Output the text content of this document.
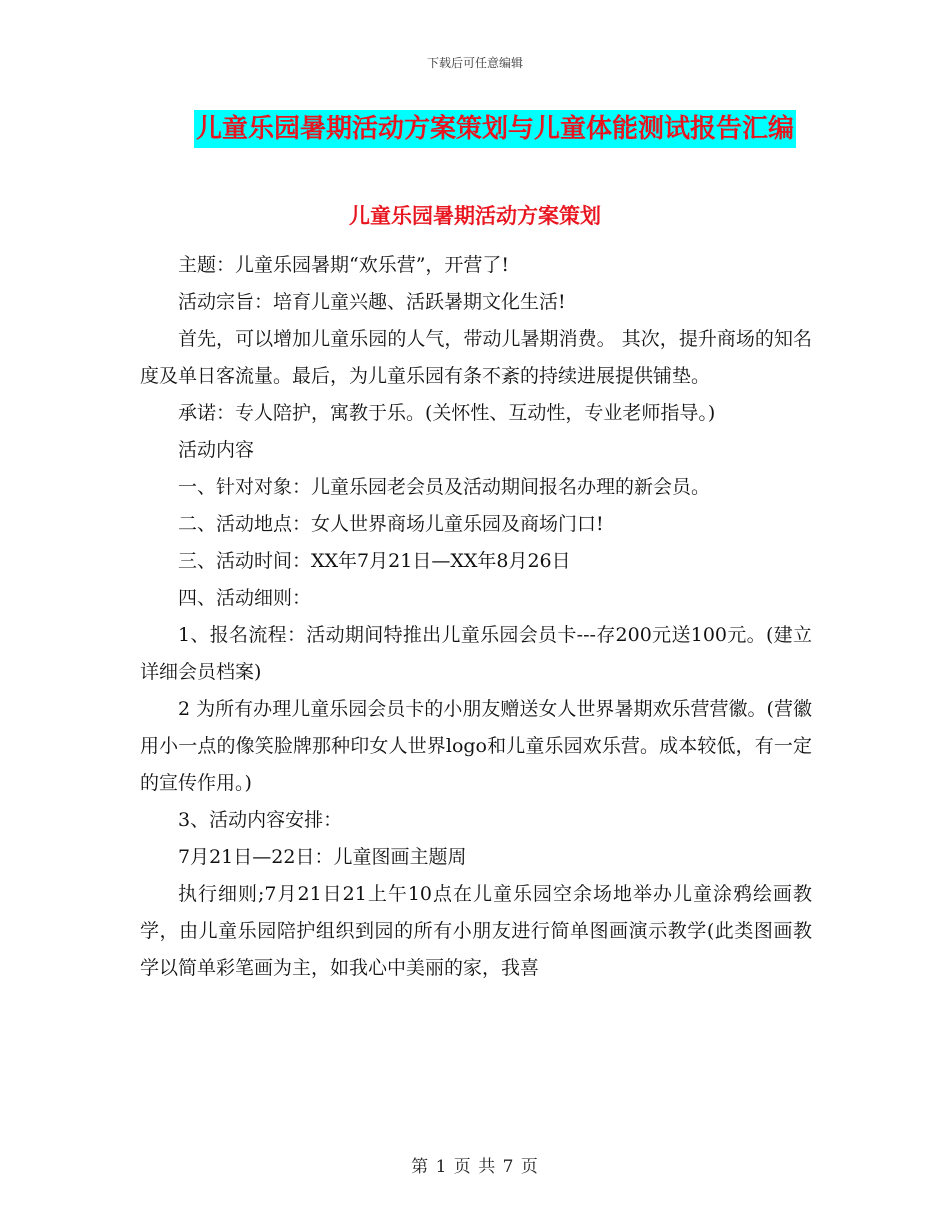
下载后可任意编辑
儿童乐园暑期活动方案策划与儿童体能测试报告汇编
儿童乐园暑期活动方案策划

主题：儿童乐园暑期“欢乐营”，开营了!

活动宗旨：培育儿童兴趣、活跃暑期文化生活!

首先，可以增加儿童乐园的人气，带动儿暑期消费。 其次，提升商场的知名度及单日客流量。最后，为儿童乐园有条不紊的持续进展提供铺垫。

承诺：专人陪护，寓教于乐。(关怀性、互动性，专业老师指导。)

活动内容

一、针对对象：儿童乐园老会员及活动期间报名办理的新会员。

二、活动地点：女人世界商场儿童乐园及商场门口!

三、活动时间：XX年7月21日—XX年8月26日

四、活动细则：

1、报名流程：活动期间特推出儿童乐园会员卡---存200元送100元。(建立详细会员档案)

2 为所有办理儿童乐园会员卡的小朋友赠送女人世界暑期欢乐营营徽。(营徽用小一点的像笑脸牌那种印女人世界logo和儿童乐园欢乐营。成本较低，有一定的宣传作用。)

3、活动内容安排：

7月21日—22日：儿童图画主题周

执行细则;7月21日21上午10点在儿童乐园空余场地举办儿童涂鸦绘画教学，由儿童乐园陪护组织到园的所有小朋友进行简单图画演示教学(此类图画教学以简单彩笔画为主，如我心中美丽的家，我喜

第 1 页 共 7 页
